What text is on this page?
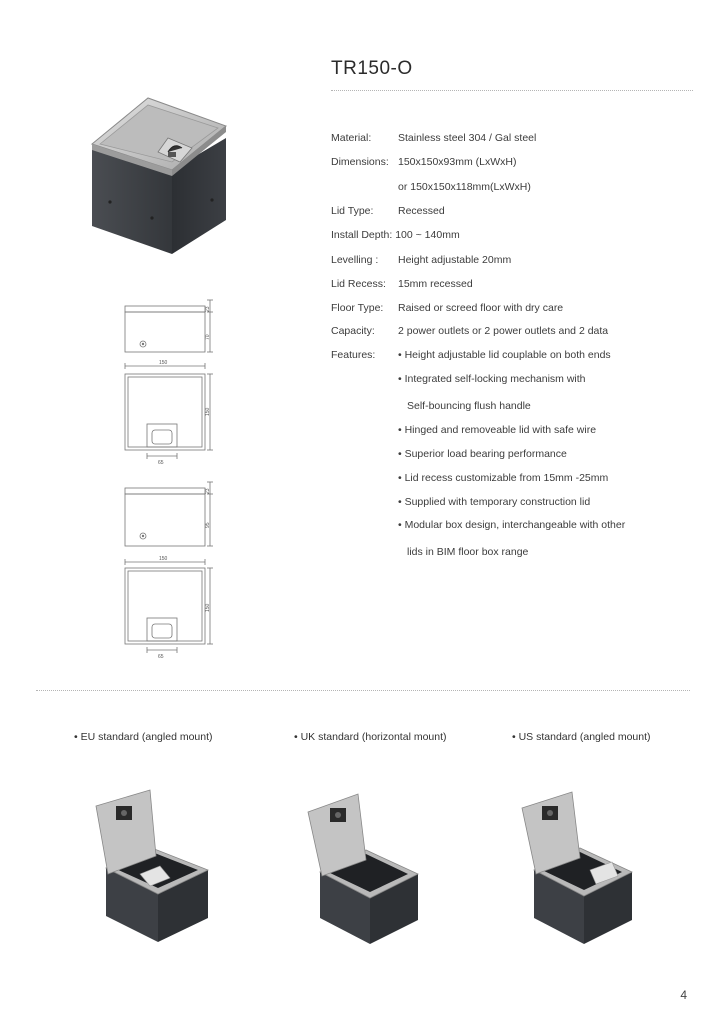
TR150-O
Material:	Stainless steel 304 / Gal steel
Dimensions: 150x150x93mm (LxWxH)
or 150x150x118mm(LxWxH)
Lid Type: Recessed
Install Depth: 100 ~ 140mm
Levelling : Height adjustable 20mm
Lid Recess: 15mm recessed
Floor Type: Raised or screed floor with dry care
Capacity: 2 power outlets or 2 power outlets and 2 data
Features: • Height adjustable lid couplable on both ends
• Integrated self-locking mechanism with
Self-bouncing flush handle
• Hinged and removeable lid with safe wire
• Superior load bearing performance
• Lid recess customizable from 15mm -25mm
• Supplied with temporary construction lid
• Modular box design, interchangeable with other
lids in BIM floor box range
23
70
150
150
65
23
95
150
150
65
• EU standard (angled mount)	• UK standard (horizontal mount)	• US standard (angled mount)
4
